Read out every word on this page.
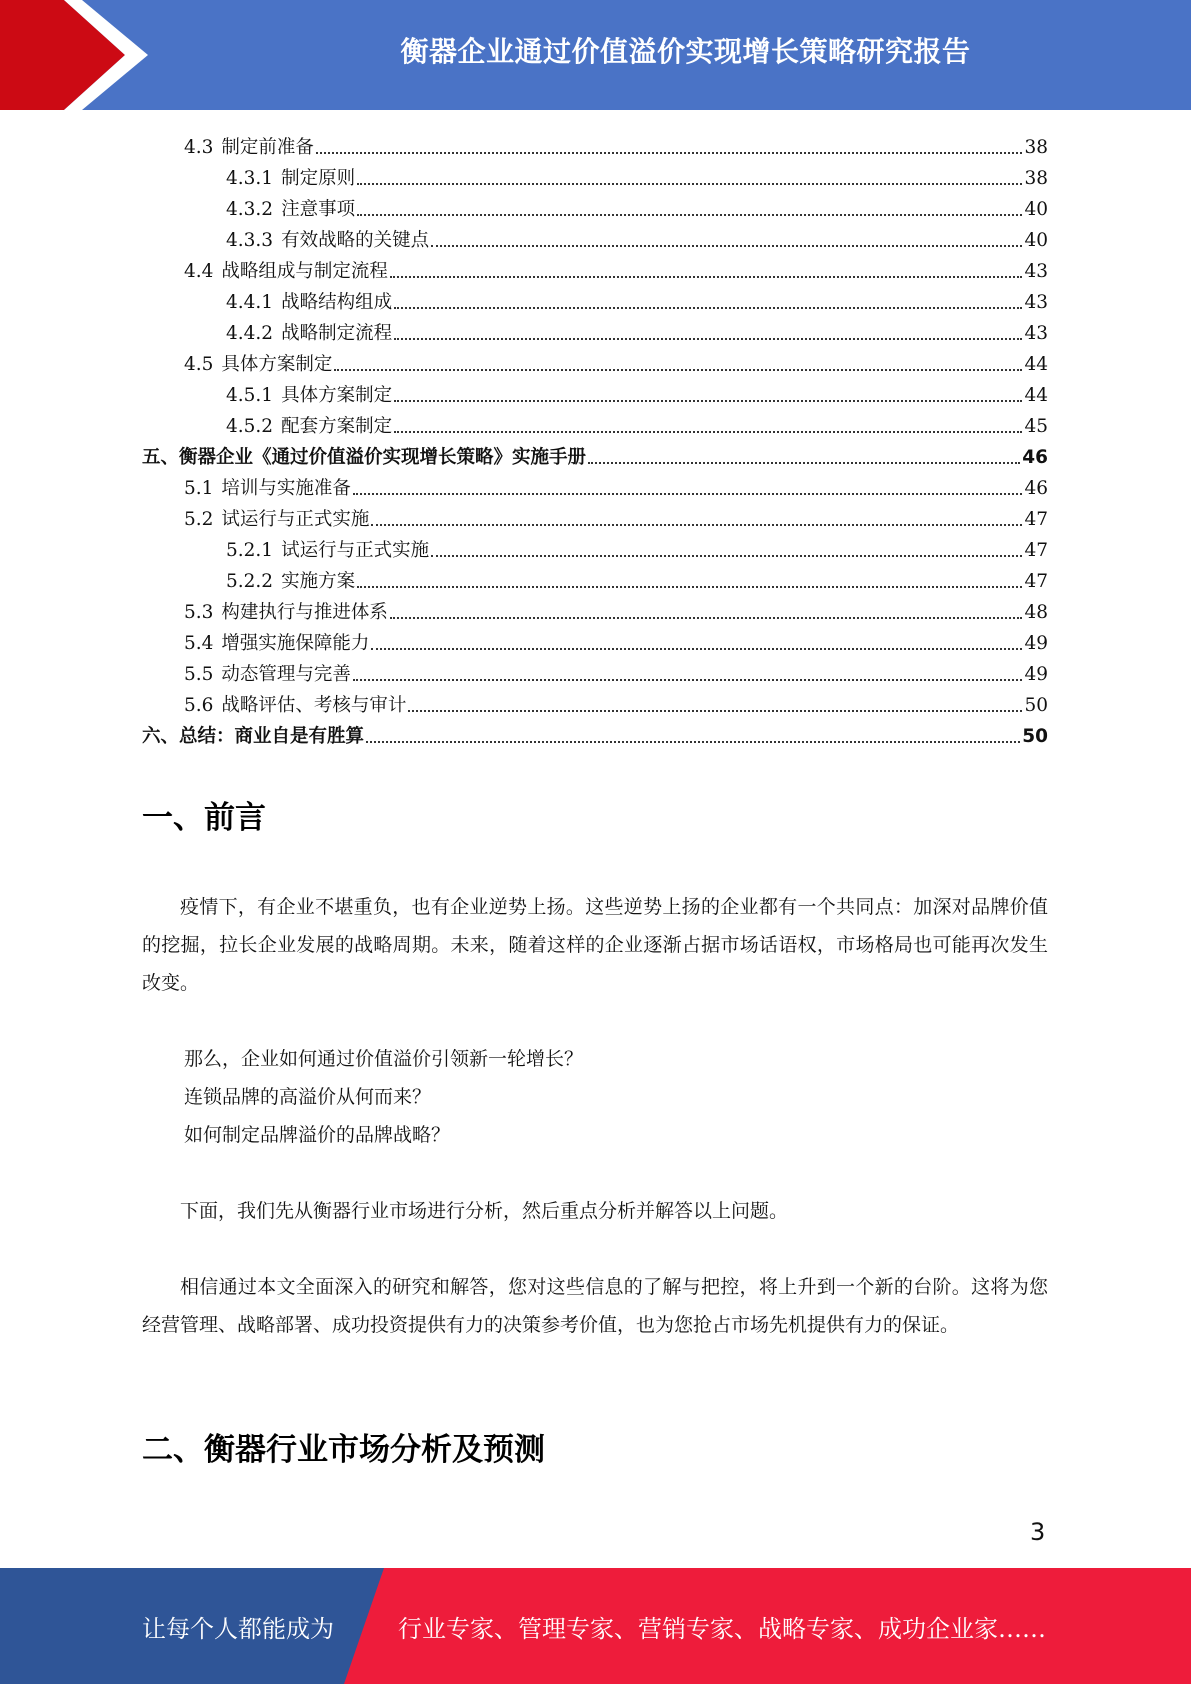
衡器企业通过价值溢价实现增长策略研究报告
4.3 制定前准备	38
4.3.1 制定原则	38
4.3.2 注意事项	40
4.3.3 有效战略的关键点	40
4.4 战略组成与制定流程	43
4.4.1 战略结构组成	43
4.4.2 战略制定流程	43
4.5 具体方案制定	44
4.5.1 具体方案制定	44
4.5.2 配套方案制定	45
五、衡器企业《通过价值溢价实现增长策略》实施手册	46
5.1 培训与实施准备	46
5.2 试运行与正式实施	47
5.2.1 试运行与正式实施	47
5.2.2 实施方案	47
5.3 构建执行与推进体系	48
5.4 增强实施保障能力	49
5.5 动态管理与完善	49
5.6 战略评估、考核与审计	50
六、总结：商业自是有胜算	50
一、前言
疫情下，有企业不堪重负，也有企业逆势上扬。这些逆势上扬的企业都有一个共同点：加深对品牌价值的挖掘，拉长企业发展的战略周期。未来，随着这样的企业逐渐占据市场话语权，市场格局也可能再次发生改变。
那么，企业如何通过价值溢价引领新一轮增长？
连锁品牌的高溢价从何而来？
如何制定品牌溢价的品牌战略？
下面，我们先从衡器行业市场进行分析，然后重点分析并解答以上问题。
相信通过本文全面深入的研究和解答，您对这些信息的了解与把控，将上升到一个新的台阶。这将为您经营管理、战略部署、成功投资提供有力的决策参考价值，也为您抢占市场先机提供有力的保证。
二、衡器行业市场分析及预测
3
让每个人都能成为	行业专家、管理专家、营销专家、战略专家、成功企业家……
